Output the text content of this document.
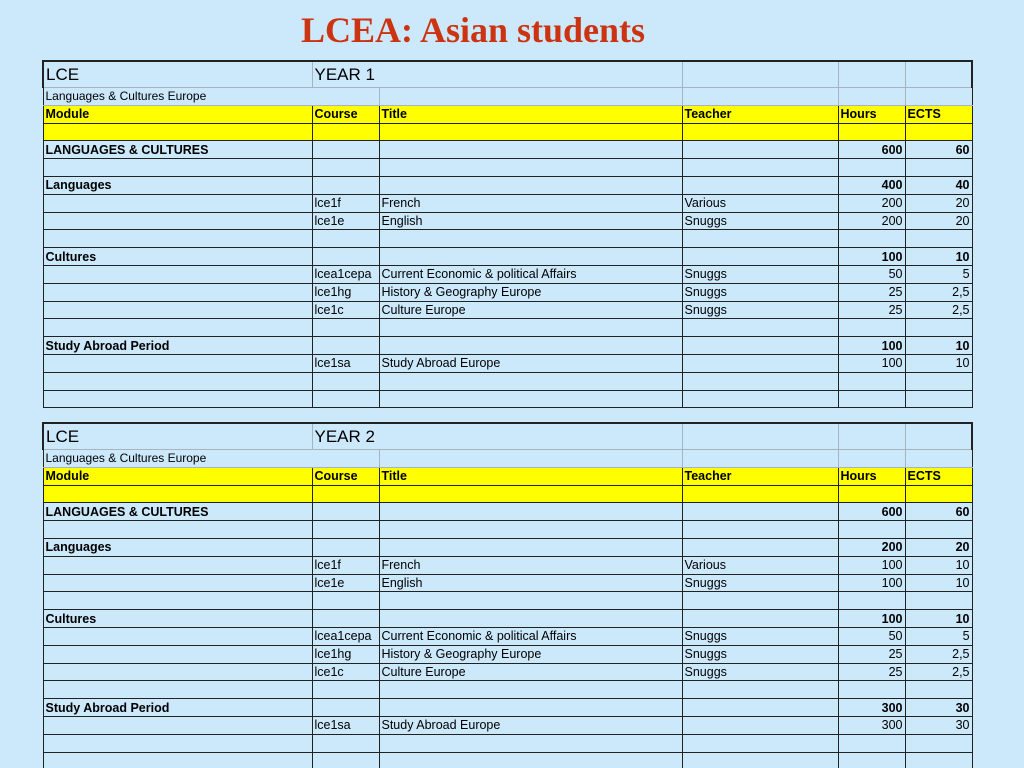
LCEA: Asian students
LCE	YEAR 1				
Languages & Cultures Europe					
Module	Course	Title	Teacher	Hours	ECTS

LANGUAGES & CULTURES				600	60

Languages				400	40
	lce1f	French	Various	200	20
	lce1e	English	Snuggs	200	20

Cultures				100	10
	lcea1cepa	Current Economic & political Affairs	Snuggs	50	5
	lce1hg	History & Geography Europe	Snuggs	25	2,5
	lce1c	Culture Europe	Snuggs	25	2,5

Study Abroad Period				100	10
	lce1sa	Study Abroad Europe		100	10

LCE	YEAR 2				
Languages & Cultures Europe					
Module	Course	Title	Teacher	Hours	ECTS

LANGUAGES & CULTURES				600	60

Languages				200	20
	lce1f	French	Various	100	10
	lce1e	English	Snuggs	100	10

Cultures				100	10
	lcea1cepa	Current Economic & political Affairs	Snuggs	50	5
	lce1hg	History & Geography Europe	Snuggs	25	2,5
	lce1c	Culture Europe	Snuggs	25	2,5

Study Abroad Period				300	30
	lce1sa	Study Abroad Europe		300	30
